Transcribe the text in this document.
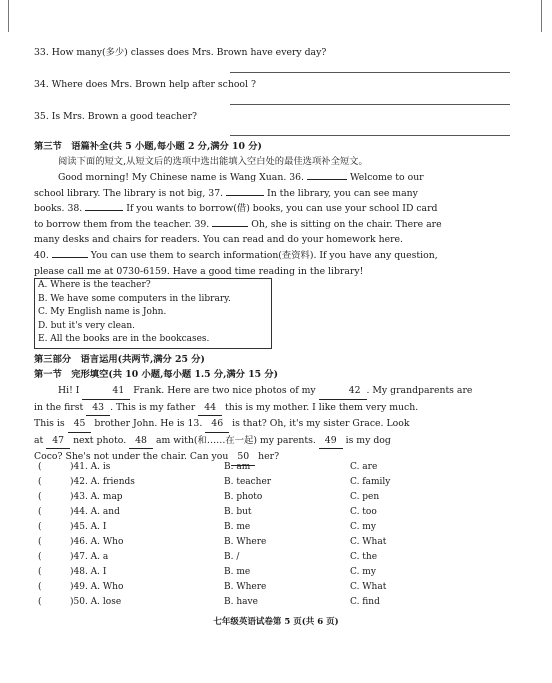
33. How many(多少) classes does Mrs. Brown have every day?
34. Where does Mrs. Brown help after school ?
35. Is Mrs. Brown a good teacher?
第三节　语篇补全(共 5 小题,每小题 2 分,满分 10 分)
阅读下面的短文,从短文后的选项中选出能填入空白处的最佳选项补全短文。
Good morning! My Chinese name is Wang Xuan. 36.	Welcome to our
school library. The library is not big, 37.	In the library, you can see many
books. 38.	If you wants to borrow(借) books, you can use your school ID card
to borrow them from the teacher. 39.	Oh, she is sitting on the chair. There are
many desks and chairs for readers. You can read and do your homework here.
40.	You can use them to search information(查资料). If you have any question,
please call me at 0730-6159. Have a good time reading in the library!
A. Where is the teacher?
B. We have some computers in the library.
C. My English name is John.
D. but it's very clean.
E. All the books are in the bookcases.
第三部分　语言运用(共两节,满分 25 分)
第一节　完形填空(共 10 小题,每小题 1.5 分,满分 15 分)
Hi! I	41 Frank. Here are two nice photos of my	42 . My grandparents are
in the first 43 . This is my father 44 this is my mother. I like them very much.
This is 45 brother John. He is 13. 46 is that? Oh, it's my sister Grace. Look
at 47 next photo. 48 am with(和……在一起) my parents. 49 is my dog
Coco? She's not under the chair. Can you 50 her?
(	)41. A. is	B. am	C. are
(	)42. A. friends	B. teacher	C. family
(	)43. A. map	B. photo	C. pen
(	)44. A. and	B. but	C. too
(	)45. A. I	B. me	C. my
(	)46. A. Who	B. Where	C. What
(	)47. A. a	B. /	C. the
(	)48. A. I	B. me	C. my
(	)49. A. Who	B. Where	C. What
(	)50. A. lose	B. have	C. find
七年级英语试卷第 5 页(共 6 页)
